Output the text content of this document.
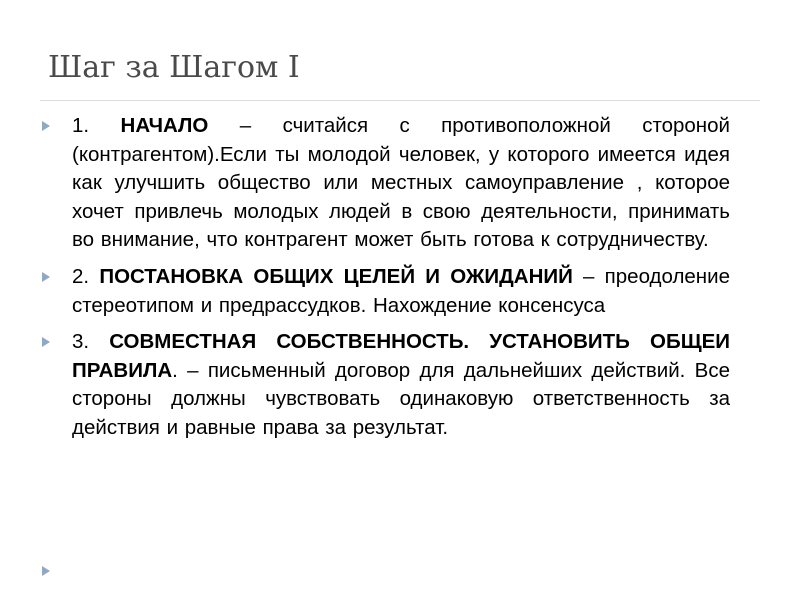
Шаг за Шагом I
1. НАЧАЛО – считайся с противоположной стороной (контрагентом).Если ты молодой человек, у которого имеется идея как улучшить общество или местных самоуправление , которое хочет привлечь молодых людей в свою деятельности, принимать во внимание, что контрагент может быть готова к сотрудничеству.
2. ПОСТАНОВКА ОБЩИХ ЦЕЛЕЙ И ОЖИДАНИЙ – преодоление стереотипом и предрассудков. Нахождение консенсуса
3. СОВМЕСТНАЯ СОБСТВЕННОСТЬ. УСТАНОВИТЬ ОБЩЕИ ПРАВИЛА. – письменный договор для дальнейших действий. Все стороны должны чувствовать одинаковую ответственность за действия и равные права за результат.
